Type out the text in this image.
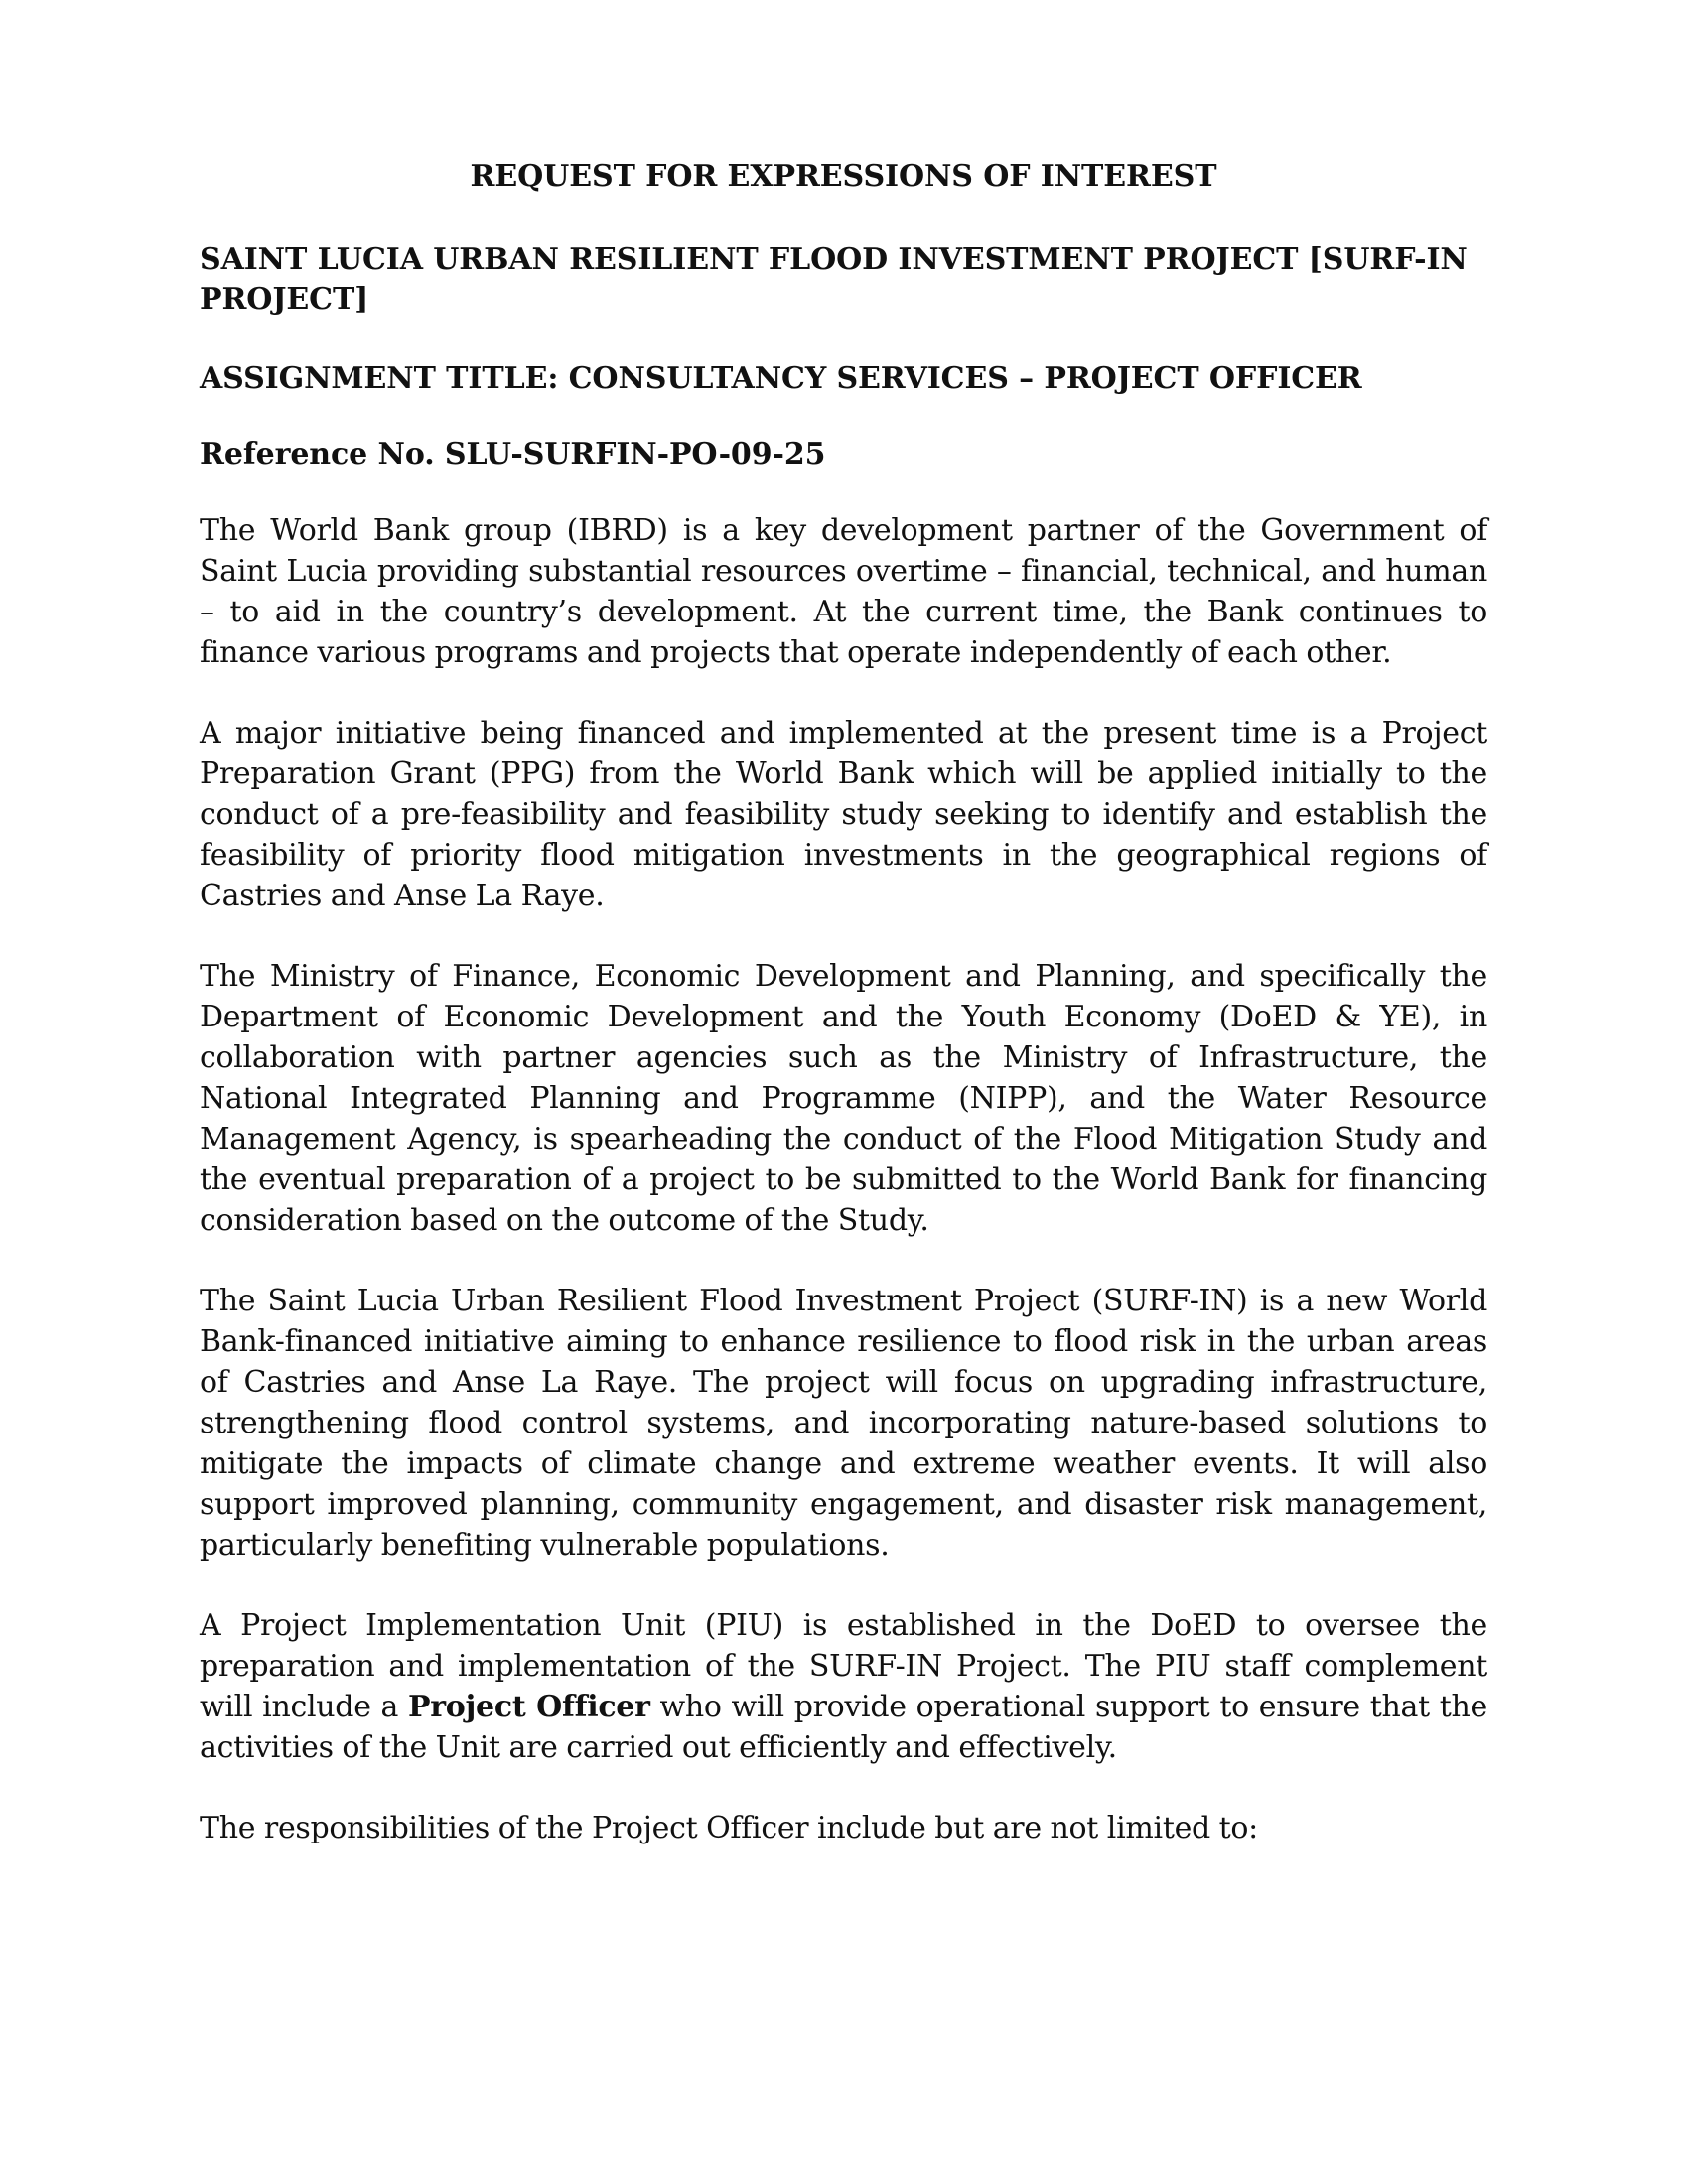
REQUEST FOR EXPRESSIONS OF INTEREST
SAINT LUCIA URBAN RESILIENT FLOOD INVESTMENT PROJECT [SURF-IN PROJECT]
ASSIGNMENT TITLE: CONSULTANCY SERVICES – PROJECT OFFICER
Reference No. SLU-SURFIN-PO-09-25

The World Bank group (IBRD) is a key development partner of the Government of Saint Lucia providing substantial resources overtime – financial, technical, and human – to aid in the country’s development. At the current time, the Bank continues to finance various programs and projects that operate independently of each other.

A major initiative being financed and implemented at the present time is a Project Preparation Grant (PPG) from the World Bank which will be applied initially to the conduct of a pre-feasibility and feasibility study seeking to identify and establish the feasibility of priority flood mitigation investments in the geographical regions of Castries and Anse La Raye.

The Ministry of Finance, Economic Development and Planning, and specifically the Department of Economic Development and the Youth Economy (DoED & YE), in collaboration with partner agencies such as the Ministry of Infrastructure, the National Integrated Planning and Programme (NIPP), and the Water Resource Management Agency, is spearheading the conduct of the Flood Mitigation Study and the eventual preparation of a project to be submitted to the World Bank for financing consideration based on the outcome of the Study.

The Saint Lucia Urban Resilient Flood Investment Project (SURF-IN) is a new World Bank-financed initiative aiming to enhance resilience to flood risk in the urban areas of Castries and Anse La Raye. The project will focus on upgrading infrastructure, strengthening flood control systems, and incorporating nature-based solutions to mitigate the impacts of climate change and extreme weather events. It will also support improved planning, community engagement, and disaster risk management, particularly benefiting vulnerable populations.

A Project Implementation Unit (PIU) is established in the DoED to oversee the preparation and implementation of the SURF-IN Project. The PIU staff complement will include a Project Officer who will provide operational support to ensure that the activities of the Unit are carried out efficiently and effectively.

The responsibilities of the Project Officer include but are not limited to:
